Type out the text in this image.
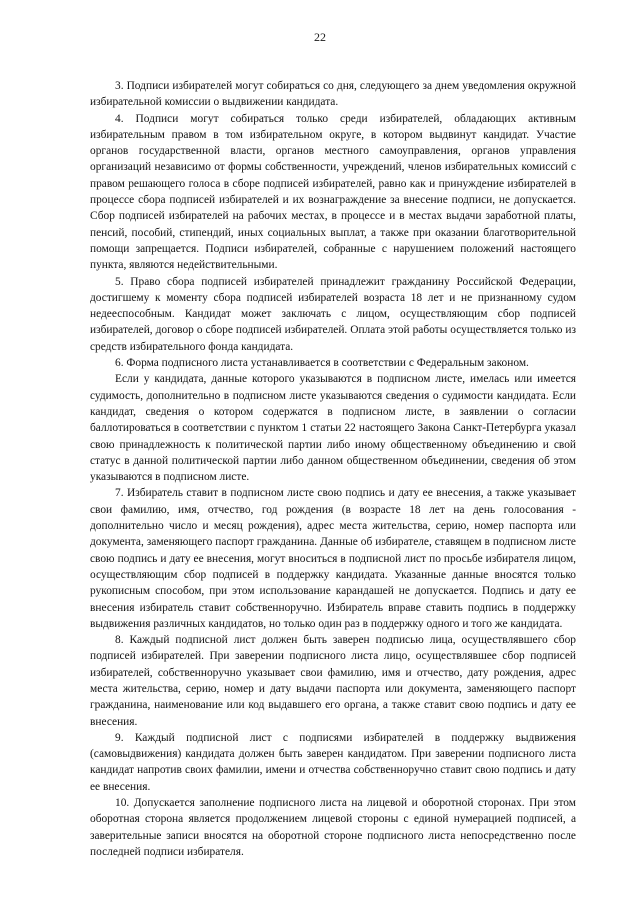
22

3. Подписи избирателей могут собираться со дня, следующего за днем уведомления окружной избирательной комиссии о выдвижении кандидата.

4. Подписи могут собираться только среди избирателей, обладающих активным избирательным правом в том избирательном округе, в котором выдвинут кандидат. Участие органов государственной власти, органов местного самоуправления, органов управления организаций независимо от формы собственности, учреждений, членов избирательных комиссий с правом решающего голоса в сборе подписей избирателей, равно как и принуждение избирателей в процессе сбора подписей избирателей и их вознаграждение за внесение подписи, не допускается. Сбор подписей избирателей на рабочих местах, в процессе и в местах выдачи заработной платы, пенсий, пособий, стипендий, иных социальных выплат, а также при оказании благотворительной помощи запрещается. Подписи избирателей, собранные с нарушением положений настоящего пункта, являются недействительными.

5. Право сбора подписей избирателей принадлежит гражданину Российской Федерации, достигшему к моменту сбора подписей избирателей возраста 18 лет и не признанному судом недееспособным. Кандидат может заключать с лицом, осуществляющим сбор подписей избирателей, договор о сборе подписей избирателей. Оплата этой работы осуществляется только из средств избирательного фонда кандидата.

6. Форма подписного листа устанавливается в соответствии с Федеральным законом.

Если у кандидата, данные которого указываются в подписном листе, имелась или имеется судимость, дополнительно в подписном листе указываются сведения о судимости кандидата. Если кандидат, сведения о котором содержатся в подписном листе, в заявлении о согласии баллотироваться в соответствии с пунктом 1 статьи 22 настоящего Закона Санкт-Петербурга указал свою принадлежность к политической партии либо иному общественному объединению и свой статус в данной политической партии либо данном общественном объединении, сведения об этом указываются в подписном листе.

7. Избиратель ставит в подписном листе свою подпись и дату ее внесения, а также указывает свои фамилию, имя, отчество, год рождения (в возрасте 18 лет на день голосования - дополнительно число и месяц рождения), адрес места жительства, серию, номер паспорта или документа, заменяющего паспорт гражданина. Данные об избирателе, ставящем в подписном листе свою подпись и дату ее внесения, могут вноситься в подписной лист по просьбе избирателя лицом, осуществляющим сбор подписей в поддержку кандидата. Указанные данные вносятся только рукописным способом, при этом использование карандашей не допускается. Подпись и дату ее внесения избиратель ставит собственноручно. Избиратель вправе ставить подпись в поддержку выдвижения различных кандидатов, но только один раз в поддержку одного и того же кандидата.

8. Каждый подписной лист должен быть заверен подписью лица, осуществлявшего сбор подписей избирателей. При заверении подписного листа лицо, осуществлявшее сбор подписей избирателей, собственноручно указывает свои фамилию, имя и отчество, дату рождения, адрес места жительства, серию, номер и дату выдачи паспорта или документа, заменяющего паспорт гражданина, наименование или код выдавшего его органа, а также ставит свою подпись и дату ее внесения.

9. Каждый подписной лист с подписями избирателей в поддержку выдвижения (самовыдвижения) кандидата должен быть заверен кандидатом. При заверении подписного листа кандидат напротив своих фамилии, имени и отчества собственноручно ставит свою подпись и дату ее внесения.

10. Допускается заполнение подписного листа на лицевой и оборотной сторонах. При этом оборотная сторона является продолжением лицевой стороны с единой нумерацией подписей, а заверительные записи вносятся на оборотной стороне подписного листа непосредственно после последней подписи избирателя.
